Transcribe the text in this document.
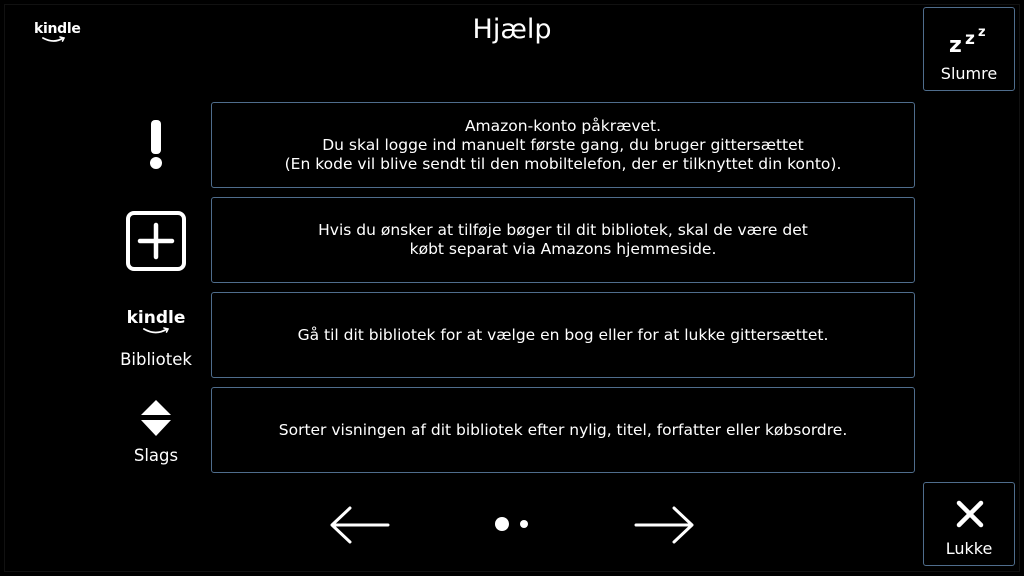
kindle	Hjælp
z z z
Slumre
Lukke
Amazon-konto påkrævet.
Du skal logge ind manuelt første gang, du bruger gittersættet
(En kode vil blive sendt til den mobiltelefon, der er tilknyttet din konto).
Hvis du ønsker at tilføje bøger til dit bibliotek, skal de være det
købt separat via Amazons hjemmeside.
kindle
Bibliotek
Gå til dit bibliotek for at vælge en bog eller for at lukke gittersættet.
Slags
Sorter visningen af dit bibliotek efter nylig, titel, forfatter eller købsordre.
